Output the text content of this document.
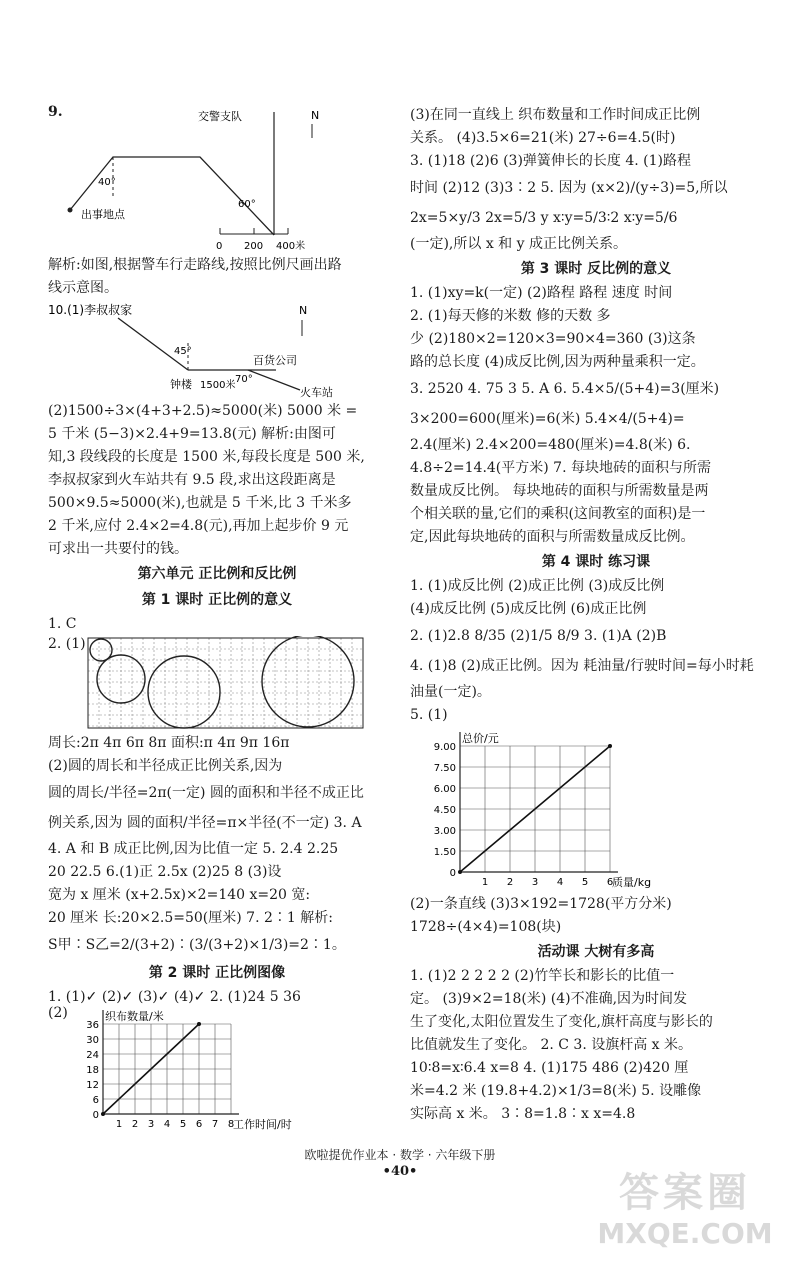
9.	交警支队	N
出事地点
40°
60°
0 200 400米
解析:如图,根据警车行走路线,按照比例尺画出路
线示意图。
10.(1)李叔叔家	N
45°
70°
百货公司
钟楼 1500米
火车站
(2)1500÷3×(4+3+2.5)≈5000(米) 5000 米 =
5 千米 (5−3)×2.4+9=13.8(元) 解析:由图可
知,3 段线段的长度是 1500 米,每段长度是 500 米,
李叔叔家到火车站共有 9.5 段,求出这段距离是
500×9.5≈5000(米),也就是 5 千米,比 3 千米多
2 千米,应付 2.4×2=4.8(元),再加上起步价 9 元
可求出一共要付的钱。
第六单元 正比例和反比例
第 1 课时 正比例的意义
1. C
2. (1)
周长:2π 4π 6π 8π 面积:π 4π 9π 16π
(2)圆的周长和半径成正比例关系,因为
圆的周长/半径=2π(一定) 圆的面积和半径不成正比
例关系,因为 圆的面积/半径=π×半径(不一定) 3. A
4. A 和 B 成正比例,因为比值一定 5. 2.4 2.25
20 22.5 6.(1)正 2.5x (2)25 8 (3)设
宽为 x 厘米 (x+2.5x)×2=140 x=20 宽:
20 厘米 长:20×2.5=50(厘米) 7. 2∶1 解析:
S甲∶S乙=2/(3+2)∶(3/(3+2)×1/3)=2∶1。
第 2 课时 正比例图像
1. (1)✓ (2)✓ (3)✓ (4)✓ 2. (1)24 5 36
(2)
0
6
12
18
24
30
36
1 2 3 4 5 6 7 8
织布数量/米
工作时间/时
(3)在同一直线上 织布数量和工作时间成正比例
关系。 (4)3.5×6=21(米) 27÷6=4.5(时)
3. (1)18 (2)6 (3)弹簧伸长的长度 4. (1)路程
时间 (2)12 (3)3∶2 5. 因为 (x×2)/(y÷3)=5,所以
2x=5×y/3 2x=5/3 y x∶y=5/3∶2 x∶y=5/6
(一定),所以 x 和 y 成正比例关系。
第 3 课时 反比例的意义
1. (1)xy=k(一定) (2)路程 路程 速度 时间
2. (1)每天修的米数 修的天数 多
少 (2)180×2=120×3=90×4=360 (3)这条
路的总长度 (4)成反比例,因为两种量乘积一定。
3. 2520 4. 75 3 5. A 6. 5.4×5/(5+4)=3(厘米)
3×200=600(厘米)=6(米) 5.4×4/(5+4)=
2.4(厘米) 2.4×200=480(厘米)=4.8(米) 6.
4.8÷2=14.4(平方米) 7. 每块地砖的面积与所需
数量成反比例。 每块地砖的面积与所需数量是两
个相关联的量,它们的乘积(这间教室的面积)是一
定,因此每块地砖的面积与所需数量成反比例。
第 4 课时 练习课
1. (1)成反比例 (2)成正比例 (3)成反比例
(4)成反比例 (5)成反比例 (6)成正比例
2. (1)2.8 8/35 (2)1/5 8/9 3. (1)A (2)B
4. (1)8 (2)成正比例。因为 耗油量/行驶时间=每小时耗
油量(一定)。
5. (1)
0
1.50
3.00
4.50
6.00
7.50
9.00
1 2 3 4 5 6
总价/元
质量/kg
(2)一条直线 (3)3×192=1728(平方分米)
1728÷(4×4)=108(块)
活动课 大树有多高
1. (1)2 2 2 2 2 (2)竹竿长和影长的比值一
定。 (3)9×2=18(米) (4)不准确,因为时间发
生了变化,太阳位置发生了变化,旗杆高度与影长的
比值就发生了变化。 2. C 3. 设旗杆高 x 米。
10∶8=x∶6.4 x=8 4. (1)175 486 (2)420 厘
米=4.2 米 (19.8+4.2)×1/3=8(米) 5. 设雕像
实际高 x 米。 3∶8=1.8∶x x=4.8
欧啦提优作业本 · 数学 · 六年级下册
•40•	答案圈
MXQE.COM
